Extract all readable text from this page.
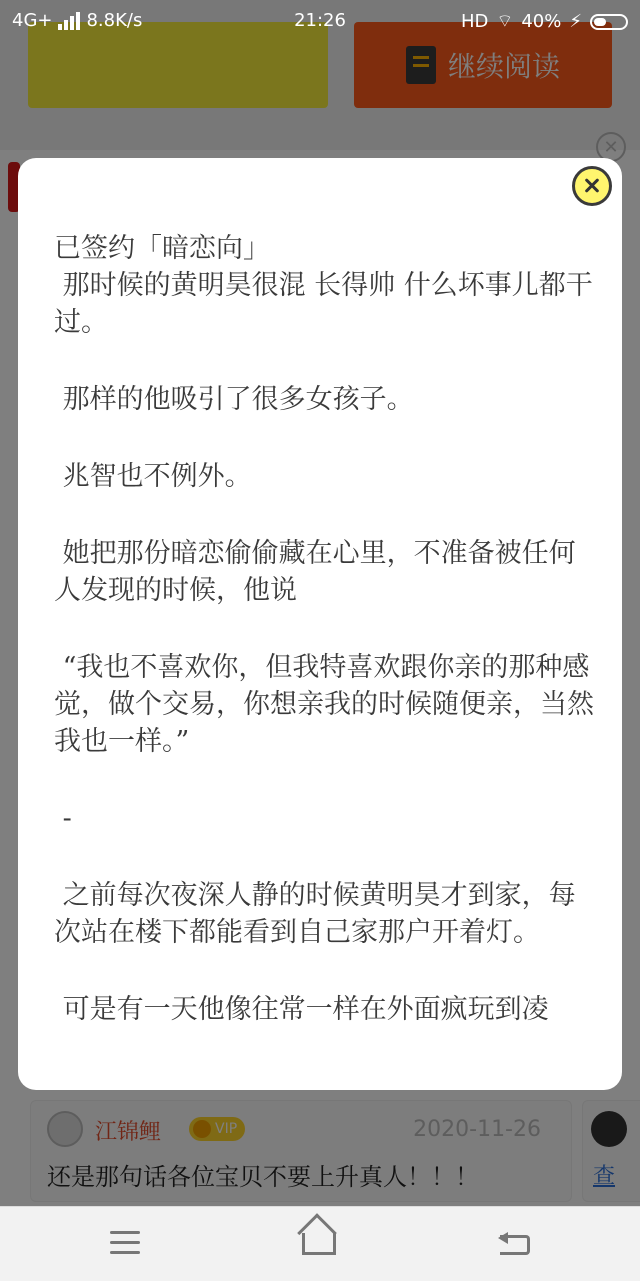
4G+ 8.8K/s	21:26	HD ⌔ 40% ⚡

已签约「暗恋向」
那时候的黄明昊很混 长得帅 什么坏事儿都干过。

那样的他吸引了很多女孩子。

兆智也不例外。

她把那份暗恋偷偷藏在心里，不准备被任何人发现的时候，他说

“我也不喜欢你，但我特喜欢跟你亲的那种感觉，做个交易，你想亲我的时候随便亲，当然我也一样。”

-

之前每次夜深人静的时候黄明昊才到家，每次站在楼下都能看到自己家那户开着灯。

可是有一天他像往常一样在外面疯玩到凌
